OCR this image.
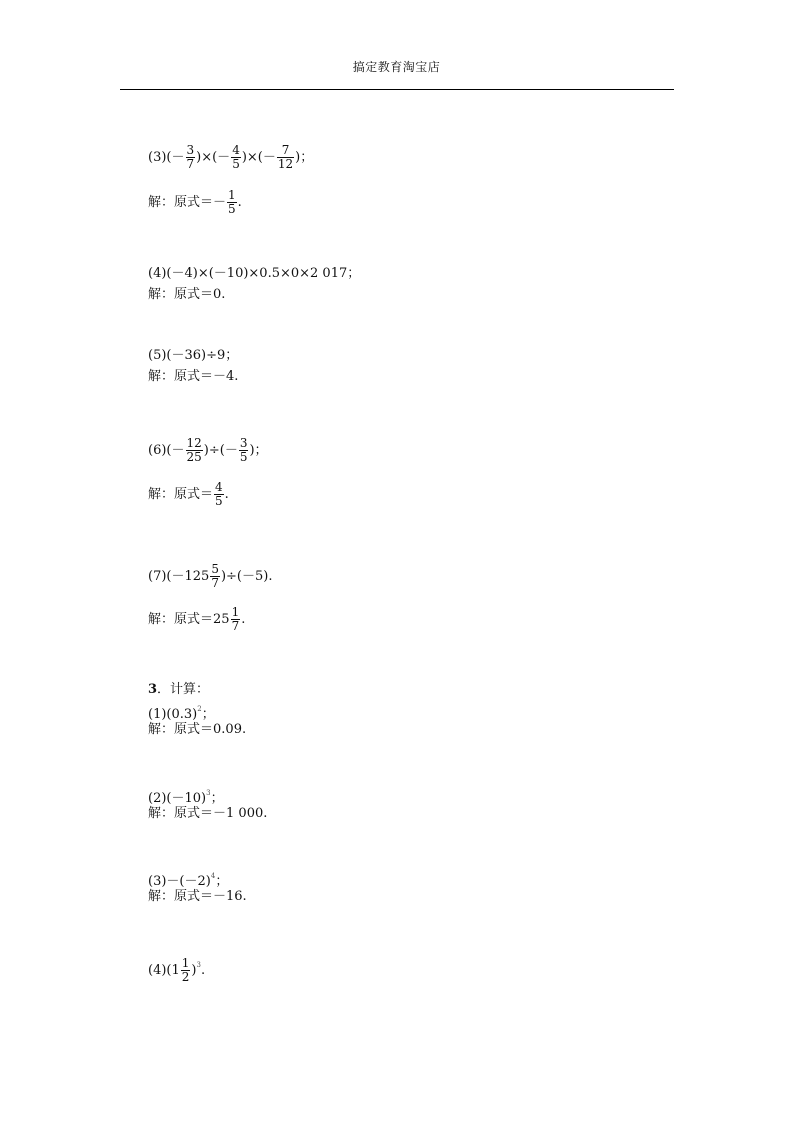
搞定教育淘宝店
$(3)(- \frac{3}{7}$ )×(－ $\frac{4}{5}$ )×(－ $\frac{7}{12}$ )；
解：原式＝－ $\frac{1}{5}$ .
(4)(－4)×(－10)×0.5×0×2 017；
解：原式＝0.
(5)(－36)÷9；
解：原式＝－4.
$(6)(- \frac{12}{25}$ )÷(－ $\frac{3}{5}$ )；
解：原式＝ $\frac{4}{5}$ .
$(7)(-125 \frac{5}{7} )\div(-5)$.
解：原式$=25 \frac{1}{7}$ .
3．计算：
$(1)(0.3)^2$；
解：原式＝0.09.
$(2)(-10)^3$；
解：原式＝－1 000.
$(3)-(-2)^4$；
解：原式＝－16.
$(4)(1 \frac{1}{2} )^3$.
